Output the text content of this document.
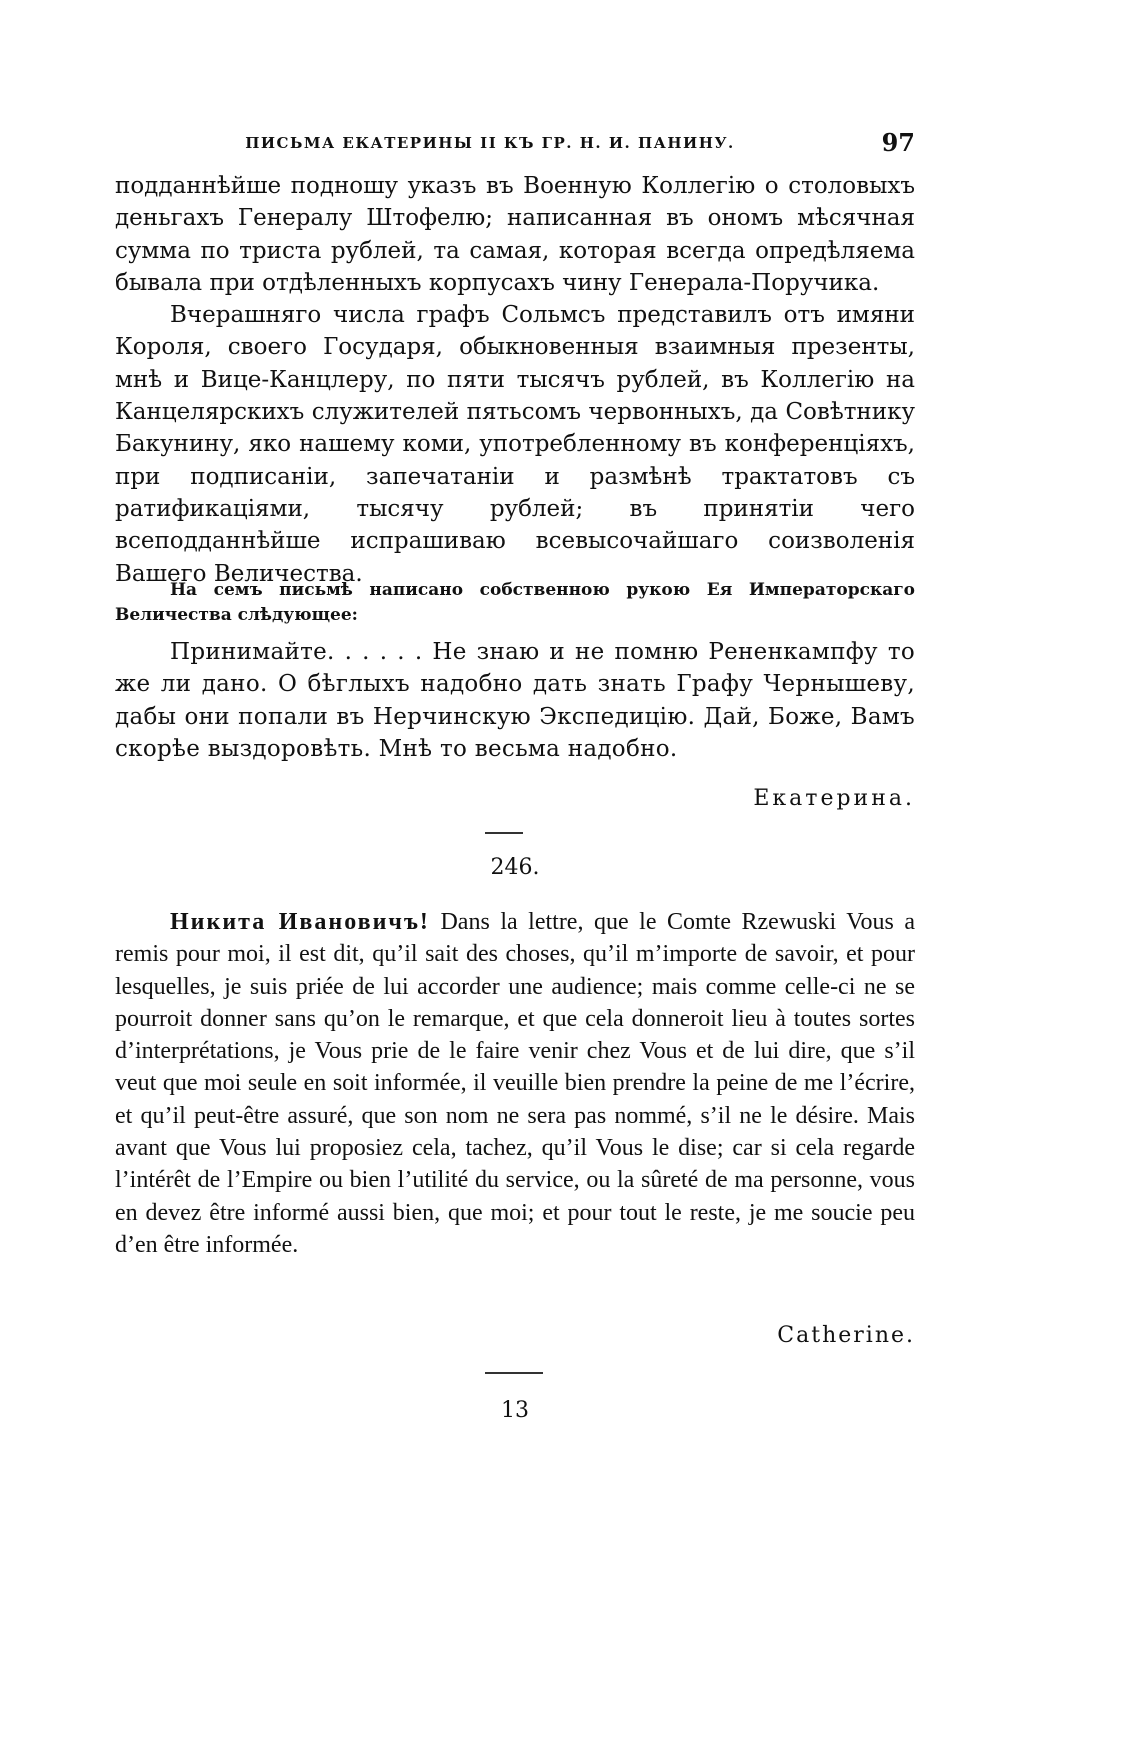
ПИСЬМА ЕКАТЕРИНЫ II КЪ ГР. Н. И. ПАНИНУ.	97

подданнѣйше подношу указъ въ Военную Коллегію о столовыхъ деньгахъ Генералу Штофелю; написанная въ ономъ мѣсячная сумма по триста рублей, та самая, которая всегда опредѣляема бывала при отдѣленныхъ корпусахъ чину Генерала-Поручика.

Вчерашняго числа графъ Сольмсъ представилъ отъ имяни Короля, своего Государя, обыкновенныя взаимныя презенты, мнѣ и Вице-Канцлеру, по пяти тысячъ рублей, въ Коллегію на Канцелярскихъ служителей пятьсомъ червонныхъ, да Совѣтнику Бакунину, яко нашему коми, употребленному въ конференціяхъ, при подписаніи, запечатаніи и размѣнѣ трактатовъ съ ратификаціями, тысячу рублей; въ принятіи чего всеподданнѣйше испрашиваю всевысочайшаго соизволенія Вашего Величества.

На семъ письмѣ написано собственною рукою Ея Императорскаго Величества слѣдующее:
Принимайте. . . . . . Не знаю и не помню Ренeнкампфу то же ли дано. О бѣглыхъ надобно дать знать Графу Чернышеву, дабы они попали въ Нерчинскую Экспедицію. Дай, Боже, Вамъ скорѣе выздоровѣть. Мнѣ то весьма надобно.
Екатерина.
246.

Никита Ивановичъ! Dans la lettre, que le Comte Rzewuski Vous a remis pour moi, il est dit, qu’il sait des choses, qu’il m’importe de savoir, et pour lesquelles, je suis priée de lui accorder une audience; mais comme celle-ci ne se pourroit donner sans qu’on le remarque, et que cela donneroit lieu à toutes sortes d’interprétations, je Vous prie de le faire venir chez Vous et de lui dire, que s’il veut que moi seule en soit informée, il veuille bien prendre la peine de me l’écrire, et qu’il peut-être assuré, que son nom ne sera pas nommé, s’il ne le désire. Mais avant que Vous lui proposiez cela, tachez, qu’il Vous le dise; car si cela regarde l’intérêt de l’Empire ou bien l’utilité du service, ou la sûreté de ma personne, vous en devez être informé aussi bien, que moi; et pour tout le reste, je me soucie peu d’en être informée.

Catherine.
13
